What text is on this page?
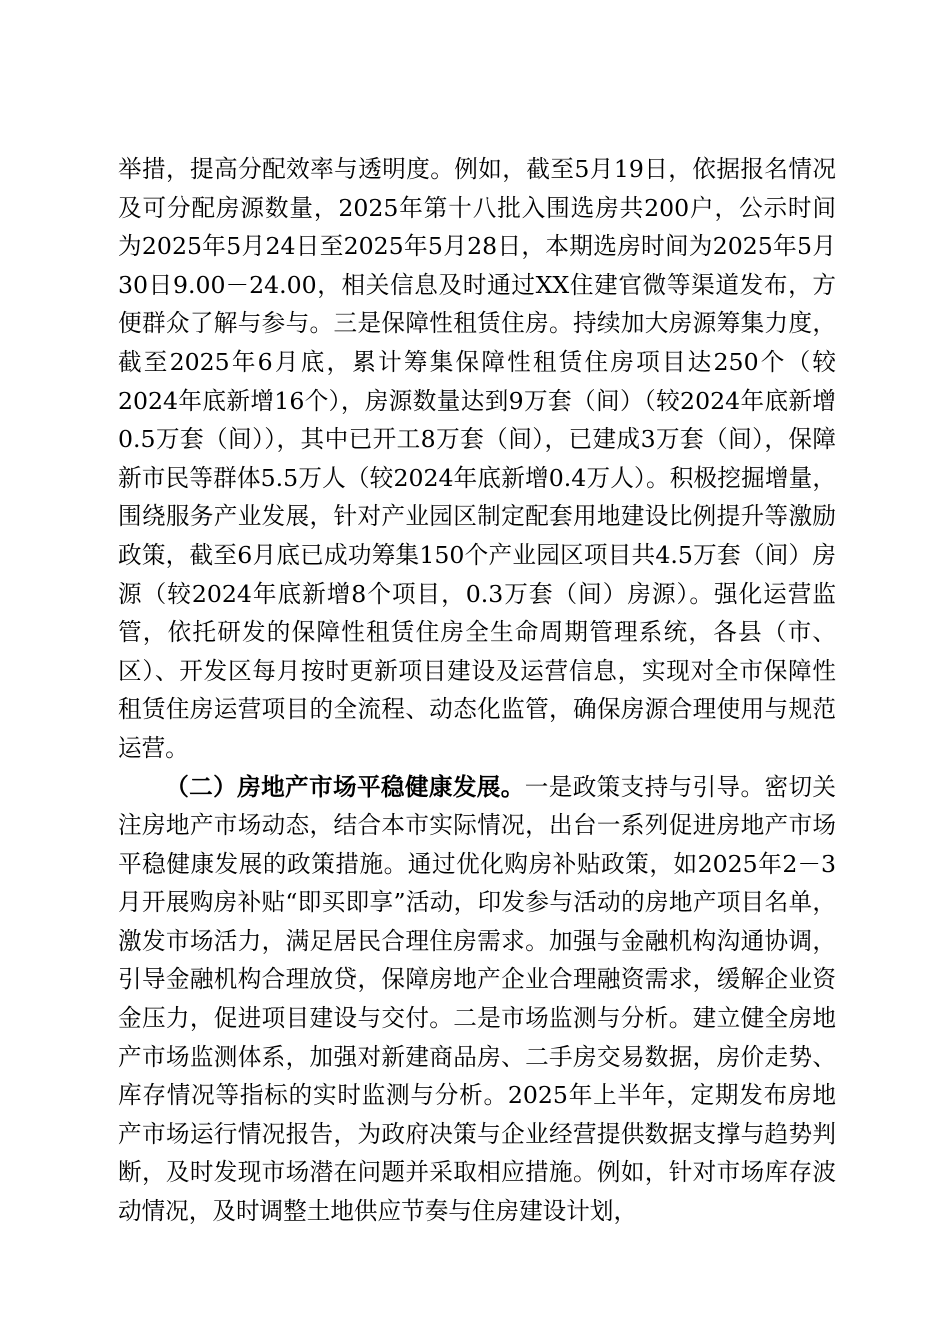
举措，提高分配效率与透明度。例如，截至5月19日，依据报名情况及可分配房源数量，2025年第十八批入围选房共200户，公示时间为2025年5月24日至2025年5月28日，本期选房时间为2025年5月30日9.00－24.00，相关信息及时通过XX住建官微等渠道发布，方便群众了解与参与。三是保障性租赁住房。持续加大房源筹集力度，截至2025年6月底，累计筹集保障性租赁住房项目达250个（较2024年底新增16个），房源数量达到9万套（间）（较2024年底新增0.5万套（间）），其中已开工8万套（间），已建成3万套（间），保障新市民等群体5.5万人（较2024年底新增0.4万人）。积极挖掘增量，围绕服务产业发展，针对产业园区制定配套用地建设比例提升等激励政策，截至6月底已成功筹集150个产业园区项目共4.5万套（间）房源（较2024年底新增8个项目，0.3万套（间）房源）。强化运营监管，依托研发的保障性租赁住房全生命周期管理系统，各县（市、区）、开发区每月按时更新项目建设及运营信息，实现对全市保障性租赁住房运营项目的全流程、动态化监管，确保房源合理使用与规范运营。

（二）房地产市场平稳健康发展。一是政策支持与引导。密切关注房地产市场动态，结合本市实际情况，出台一系列促进房地产市场平稳健康发展的政策措施。通过优化购房补贴政策，如2025年2－3月开展购房补贴“即买即享”活动，印发参与活动的房地产项目名单，激发市场活力，满足居民合理住房需求。加强与金融机构沟通协调，引导金融机构合理放贷，保障房地产企业合理融资需求，缓解企业资金压力，促进项目建设与交付。二是市场监测与分析。建立健全房地产市场监测体系，加强对新建商品房、二手房交易数据，房价走势、库存情况等指标的实时监测与分析。2025年上半年，定期发布房地产市场运行情况报告，为政府决策与企业经营提供数据支撑与趋势判断，及时发现市场潜在问题并采取相应措施。例如，针对市场库存波动情况，及时调整土地供应节奏与住房建设计划，
